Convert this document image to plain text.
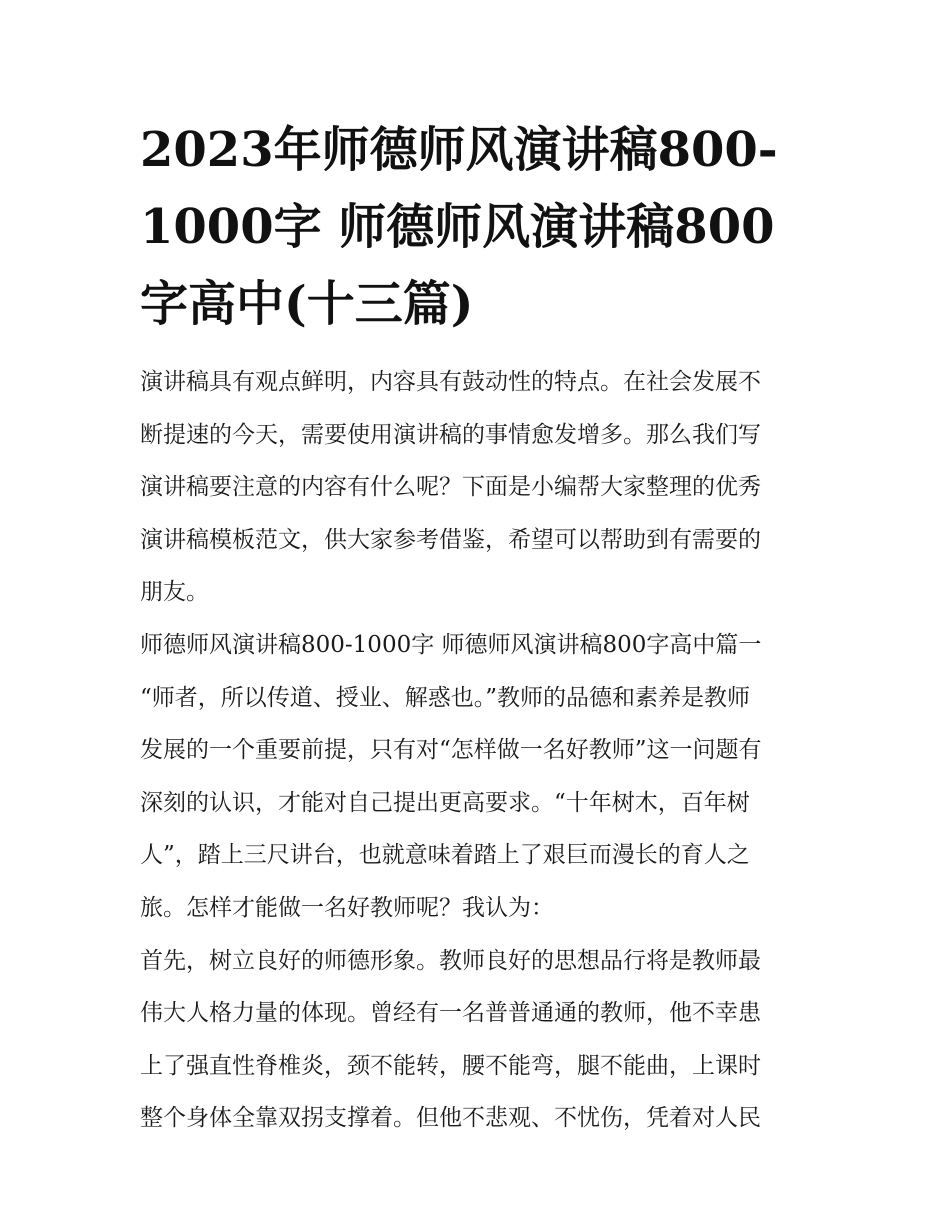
2023年师德师风演讲稿800-
1000字 师德师风演讲稿800
字高中(十三篇)
演讲稿具有观点鲜明，内容具有鼓动性的特点。在社会发展不
断提速的今天，需要使用演讲稿的事情愈发增多。那么我们写
演讲稿要注意的内容有什么呢？下面是小编帮大家整理的优秀
演讲稿模板范文，供大家参考借鉴，希望可以帮助到有需要的
朋友。
师德师风演讲稿800-1000字 师德师风演讲稿800字高中篇一
“师者，所以传道、授业、解惑也。”教师的品德和素养是教师
发展的一个重要前提，只有对“怎样做一名好教师”这一问题有
深刻的认识，才能对自己提出更高要求。“十年树木，百年树
人”，踏上三尺讲台，也就意味着踏上了艰巨而漫长的育人之
旅。怎样才能做一名好教师呢？我认为：
首先，树立良好的师德形象。教师良好的思想品行将是教师最
伟大人格力量的体现。曾经有一名普普通通的教师，他不幸患
上了强直性脊椎炎，颈不能转，腰不能弯，腿不能曲，上课时
整个身体全靠双拐支撑着。但他不悲观、不忧伤，凭着对人民
